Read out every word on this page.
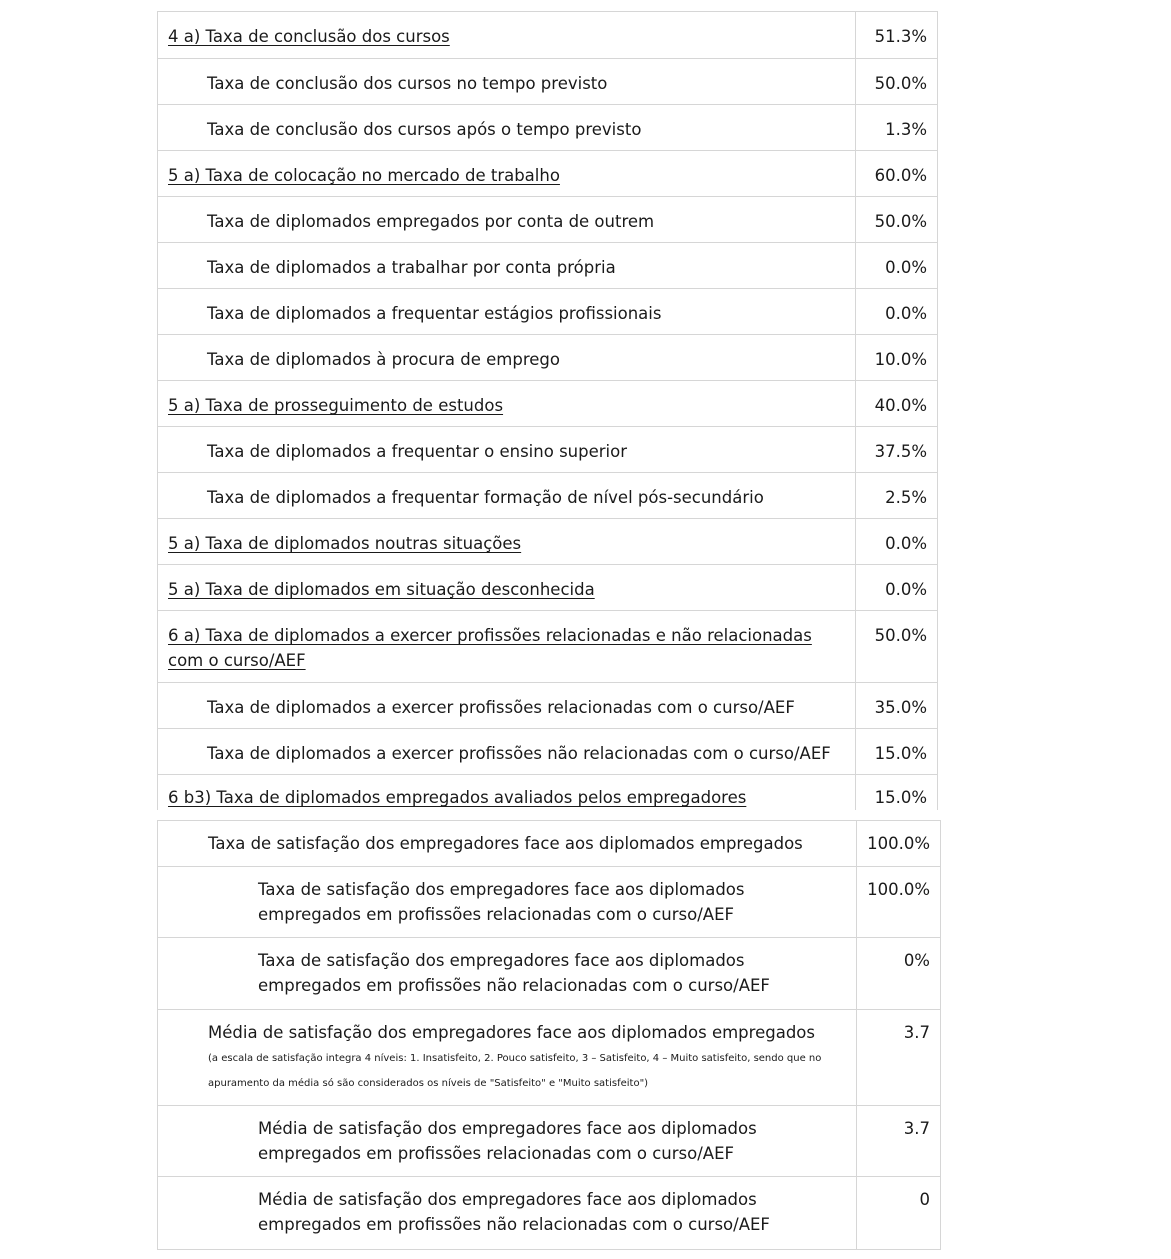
4 a) Taxa de conclusão dos cursos	51.3%
Taxa de conclusão dos cursos no tempo previsto	50.0%
Taxa de conclusão dos cursos após o tempo previsto	1.3%
5 a) Taxa de colocação no mercado de trabalho	60.0%
Taxa de diplomados empregados por conta de outrem	50.0%
Taxa de diplomados a trabalhar por conta própria	0.0%
Taxa de diplomados a frequentar estágios profissionais	0.0%
Taxa de diplomados à procura de emprego	10.0%
5 a) Taxa de prosseguimento de estudos	40.0%
Taxa de diplomados a frequentar o ensino superior	37.5%
Taxa de diplomados a frequentar formação de nível pós-secundário	2.5%
5 a) Taxa de diplomados noutras situações	0.0%
5 a) Taxa de diplomados em situação desconhecida	0.0%
6 a) Taxa de diplomados a exercer profissões relacionadas e não relacionadas com o curso/AEF	50.0%
Taxa de diplomados a exercer profissões relacionadas com o curso/AEF	35.0%
Taxa de diplomados a exercer profissões não relacionadas com o curso/AEF	15.0%
6 b3) Taxa de diplomados empregados avaliados pelos empregadores	15.0%
Taxa de satisfação dos empregadores face aos diplomados empregados	100.0%
Taxa de satisfação dos empregadores face aos diplomados empregados em profissões relacionadas com o curso/AEF	100.0%
Taxa de satisfação dos empregadores face aos diplomados empregados em profissões não relacionadas com o curso/AEF	0%
Média de satisfação dos empregadores face aos diplomados empregados
(a escala de satisfação integra 4 níveis: 1. Insatisfeito, 2. Pouco satisfeito, 3 – Satisfeito, 4 – Muito satisfeito, sendo que no apuramento da média só são considerados os níveis de "Satisfeito" e "Muito satisfeito")	3.7
Média de satisfação dos empregadores face aos diplomados empregados em profissões relacionadas com o curso/AEF	3.7
Média de satisfação dos empregadores face aos diplomados empregados em profissões não relacionadas com o curso/AEF	0
